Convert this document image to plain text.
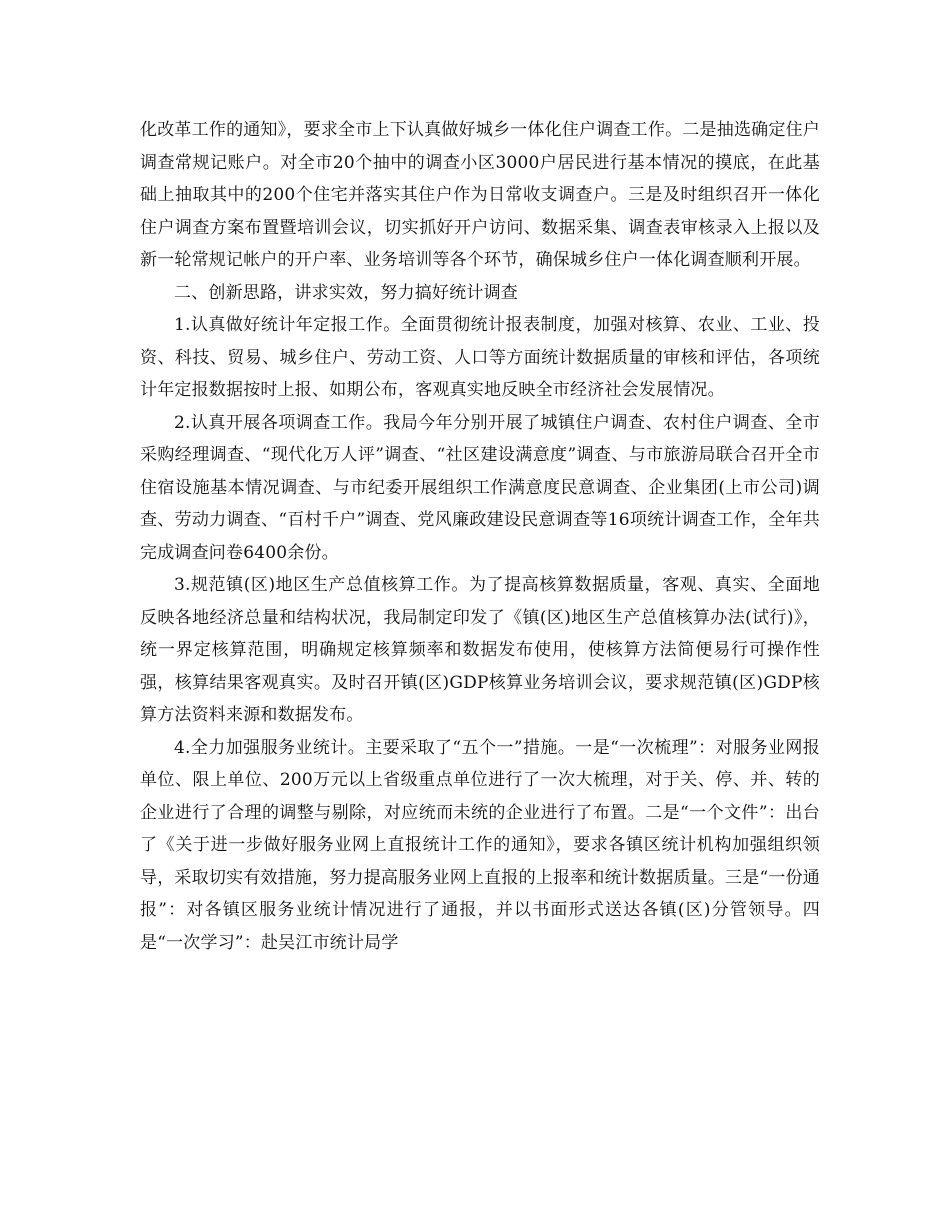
化改革工作的通知》，要求全市上下认真做好城乡一体化住户调查工作。二是抽选确定住户调查常规记账户。对全市20个抽中的调查小区3000户居民进行基本情况的摸底，在此基础上抽取其中的200个住宅并落实其住户作为日常收支调查户。三是及时组织召开一体化住户调查方案布置暨培训会议，切实抓好开户访问、数据采集、调查表审核录入上报以及新一轮常规记帐户的开户率、业务培训等各个环节，确保城乡住户一体化调查顺利开展。

二、创新思路，讲求实效，努力搞好统计调查

1.认真做好统计年定报工作。全面贯彻统计报表制度，加强对核算、农业、工业、投资、科技、贸易、城乡住户、劳动工资、人口等方面统计数据质量的审核和评估，各项统计年定报数据按时上报、如期公布，客观真实地反映全市经济社会发展情况。

2.认真开展各项调查工作。我局今年分别开展了城镇住户调查、农村住户调查、全市采购经理调查、“现代化万人评”调查、“社区建设满意度”调查、与市旅游局联合召开全市住宿设施基本情况调查、与市纪委开展组织工作满意度民意调查、企业集团(上市公司)调查、劳动力调查、“百村千户”调查、党风廉政建设民意调查等16项统计调查工作，全年共完成调查问卷6400余份。

3.规范镇(区)地区生产总值核算工作。为了提高核算数据质量，客观、真实、全面地反映各地经济总量和结构状况，我局制定印发了《镇(区)地区生产总值核算办法(试行)》，统一界定核算范围，明确规定核算频率和数据发布使用，使核算方法简便易行可操作性强，核算结果客观真实。及时召开镇(区)GDP核算业务培训会议，要求规范镇(区)GDP核算方法资料来源和数据发布。

4.全力加强服务业统计。主要采取了“五个一”措施。一是“一次梳理”：对服务业网报单位、限上单位、200万元以上省级重点单位进行了一次大梳理，对于关、停、并、转的企业进行了合理的调整与剔除，对应统而未统的企业进行了布置。二是“一个文件”：出台了《关于进一步做好服务业网上直报统计工作的通知》，要求各镇区统计机构加强组织领导，采取切实有效措施，努力提高服务业网上直报的上报率和统计数据质量。三是“一份通报”：对各镇区服务业统计情况进行了通报，并以书面形式送达各镇(区)分管领导。四是“一次学习”：赴吴江市统计局学
